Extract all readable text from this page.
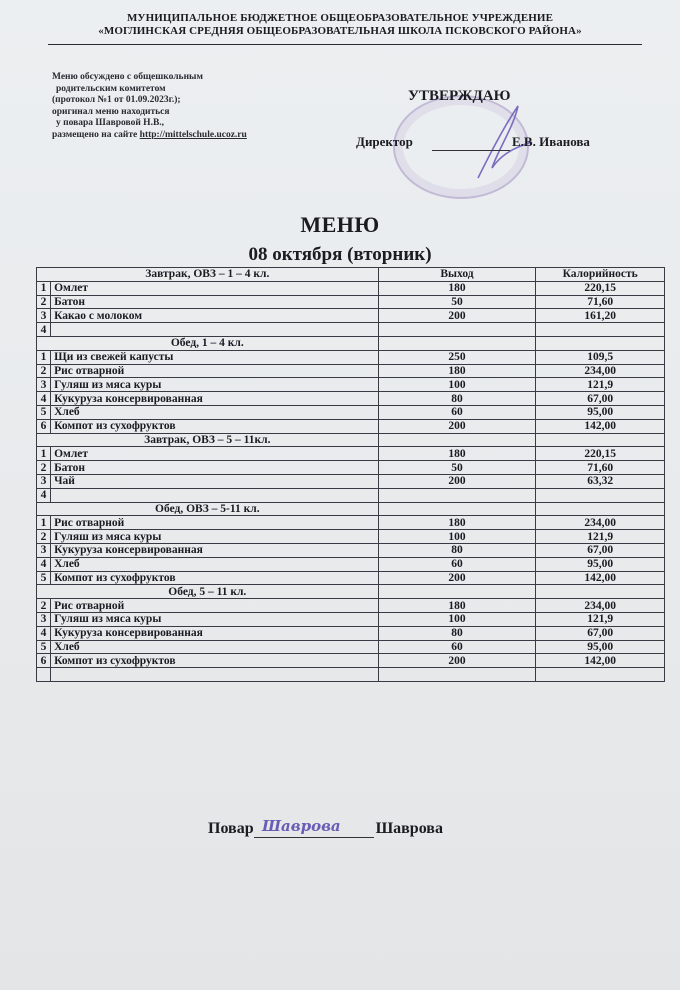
МУНИЦИПАЛЬНОЕ БЮДЖЕТНОЕ ОБЩЕОБРАЗОВАТЕЛЬНОЕ УЧРЕЖДЕНИЕ
«МОГЛИНСКАЯ СРЕДНЯЯ ОБЩЕОБРАЗОВАТЕЛЬНАЯ ШКОЛА ПСКОВСКОГО РАЙОНА»
Меню обсуждено с общешкольным
родительским комитетом
(протокол №1 от 01.09.2023г.);
оригинал меню находиться
у повара Шавровой Н.В.,
размещено на сайте http://mittelschule.ucoz.ru
УТВЕРЖДАЮ
Директор	Е.В. Иванова
МЕНЮ
08 октября (вторник)
Завтрак, ОВЗ – 1 – 4 кл.		Выход	Калорийность
1	Омлет	180	220,15
2	Батон	50	71,60
3	Какао с молоком	200	161,20
4			
Обед, 1 – 4 кл.			
1	Щи из свежей капусты	250	109,5
2	Рис отварной	180	234,00
3	Гуляш из мяса куры	100	121,9
4	Кукуруза консервированная	80	67,00
5	Хлеб	60	95,00
6	Компот из сухофруктов	200	142,00
Завтрак, ОВЗ – 5 – 11кл.			
1	Омлет	180	220,15
2	Батон	50	71,60
3	Чай	200	63,32
4			
Обед, ОВЗ – 5-11 кл.			
1	Рис отварной	180	234,00
2	Гуляш из мяса куры	100	121,9
3	Кукуруза консервированная	80	67,00
4	Хлеб	60	95,00
5	Компот из сухофруктов	200	142,00
Обед, 5 – 11 кл.			
2	Рис отварной	180	234,00
3	Гуляш из мяса куры	100	121,9
4	Кукуруза консервированная	80	67,00
5	Хлеб	60	95,00
6	Компот из сухофруктов	200	142,00

Повар Шаврова Шаврова
